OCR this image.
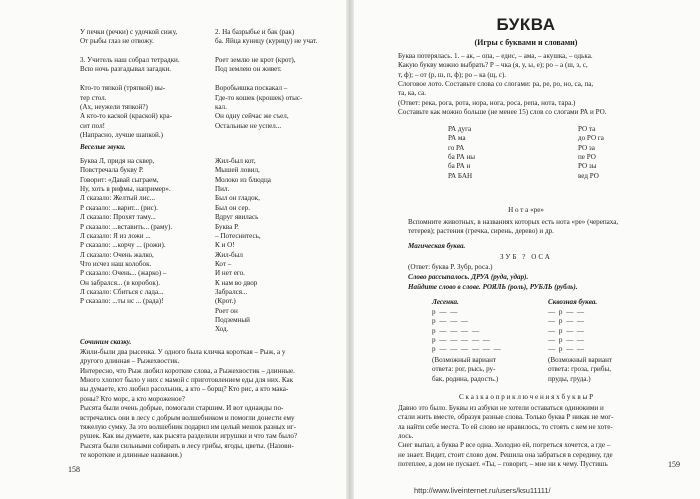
У печки (речки) с удочкой сижу,
От рыбы глаз не отвожу.

3. Учитель наш собрал тетрадки.
Всю ночь разгадывал загадки.

Кто-то тяпкой (тряпкой) вы-
тер стол.
(Ах, неужели тяпкой?)
А кто-то каской (краской) кра-
сит пол!
(Напрасно, лучше шапкой.)
2. На базрыбье и бак (рак)
ба. Яйца куницу (курицу) не учат.

Роет землю не крот (крот),
Под землею он живет.

Воробьишка поскакал –
Где-то кошек (крошек) отыс-
кал.
Он одну сейчас же съел,
Остальные не успел...
Веселые звуки.
Буква Л, придя на сквер,
Повстречала букву Р.
Говорит: «Давай сыграем,
Ну, хоть в рифмы, например».
Л сказало: Желтый лис...
Р сказало: ...варит... (рис).
Л сказало: Прохят таму...
Р сказало: ...вставить... (раму).
Л сказало: Я из ложи ...
Р сказало: ...корчу ... (рожи).
Л сказало: Очень жалко,
Что исчез наш колобок.
Р сказало: Очень... (жарко) –
Он забрался... (в коробок).
Л сказало: Сбиться с лада...
Р сказало: ...ты нс ... (рада)!
Жил-был кот,
Мышей ловил,
Молоко из блюдца
Пил.
Был он гладок,
Был он сер.
Вдруг явилась
Буква Р.
– Потеснитесь,
К и О!
Жил-был
Кот –
И нет его.
К нам во двор
Забрался...
(Крот.)
Роет он
Подземный
Ход.
Сочиним сказку.
Жили-были два рысенка. У одного была кличка короткая – Рыж, а у
другого длинная – Рыжехвостик.
Интересно, что Рыж любил короткие слова, а Рыжехвостик – длинные.
Много хлопот было у них с мамой с приготовлением еды для них. Как
вы думаете, кто любил расольник, а кто – борщ? Кто рис, а кто мака-
роны? Кто морс, а кто мороженое?
Рысята были очень добрые, помогали старшим. И вот однажды по-
встречались они в лесу с добрым волшебником и помогли донести ему
тяжелую сумку. За это волшебник подарил им целый мешок разных иг-
рушек. Как вы думаете, как рысята разделили игрушки и что там было?
Рысята были сильными собирать в лесу грибы, ягоды, цветы. (Назови-
те короткие и длинные названия.)
158
БУКВА
(Игры с буквами и словами)
Буква потерялась. 1. – ак, – опа, – едис, – ама, – акушка, – одька.
Какую букву можно выбрать? Р – чка (я, у, ы, е); ро – а (ш, з, с,
т, ф); – от (р, ш, п, ф); ро – ка (щ, с).
Слоговое лото. Составьте слова со слогами: ра, ре, ро, но, са, па,
та, ка, са.
(Ответ: река, рога, рота, нора, нога, роса, репа, нота, тара.)
Составьте как можно больше (не менее 15) слов со слогами РА и РО.
РА дуга
РА ма
го РА
ба РА ны
ба РА н
РА БАН
РО та
до РО га
РО за
пе РО
РО зы
вед РО
Н о т а «ре»
Вспомните животных, в названиях которых есть нота «ре» (черепаха,
тетерев); растения (гречка, сирень, дерево) и др.
Магическая буква.
ЗУБ ? ОСА
(Ответ: буква Р. Зубр, роса.)
Слово рассыпалось. ДРУА (руда, удар).
Найдите слово в слове. РОЯЛЬ (роль), РУБЛЬ (рубль).
Лесенка.
р — —
р — — —
р — — — —
р — — — — —
р — — — — — —
(Возможный вариант
ответа: рог, рысь, ру-
бак, родина, радость.)
Сквозная буква.
— р — —
— р — —
— р — —
— р — —
— р — —
(Возможный вариант
ответа: гроза, грибы,
пруды, груда.)
С к а з к а о п р и к л ю ч е н и я х б у к в ы Р
Давно это было. Буквы из азбуки не хотели оставаться одинокими и
стали жить вместе, образуя разные слова. Только буква Р никак не мог-
ла найти себе места. То ей слово не нравилось, то стоять с кем не хоте-
лось.
Снег выпал, а буква Р все одна. Холодно ей, погреться хочется, а где –
не знает. Видит, стоит слово дом. Решила она забраться в середину, где
потеплее, а дом не пускает. «Ты, – говорит, – мне ни к чему. Пустишь	159
http://www.liveinternet.ru/users/ksu11111/
